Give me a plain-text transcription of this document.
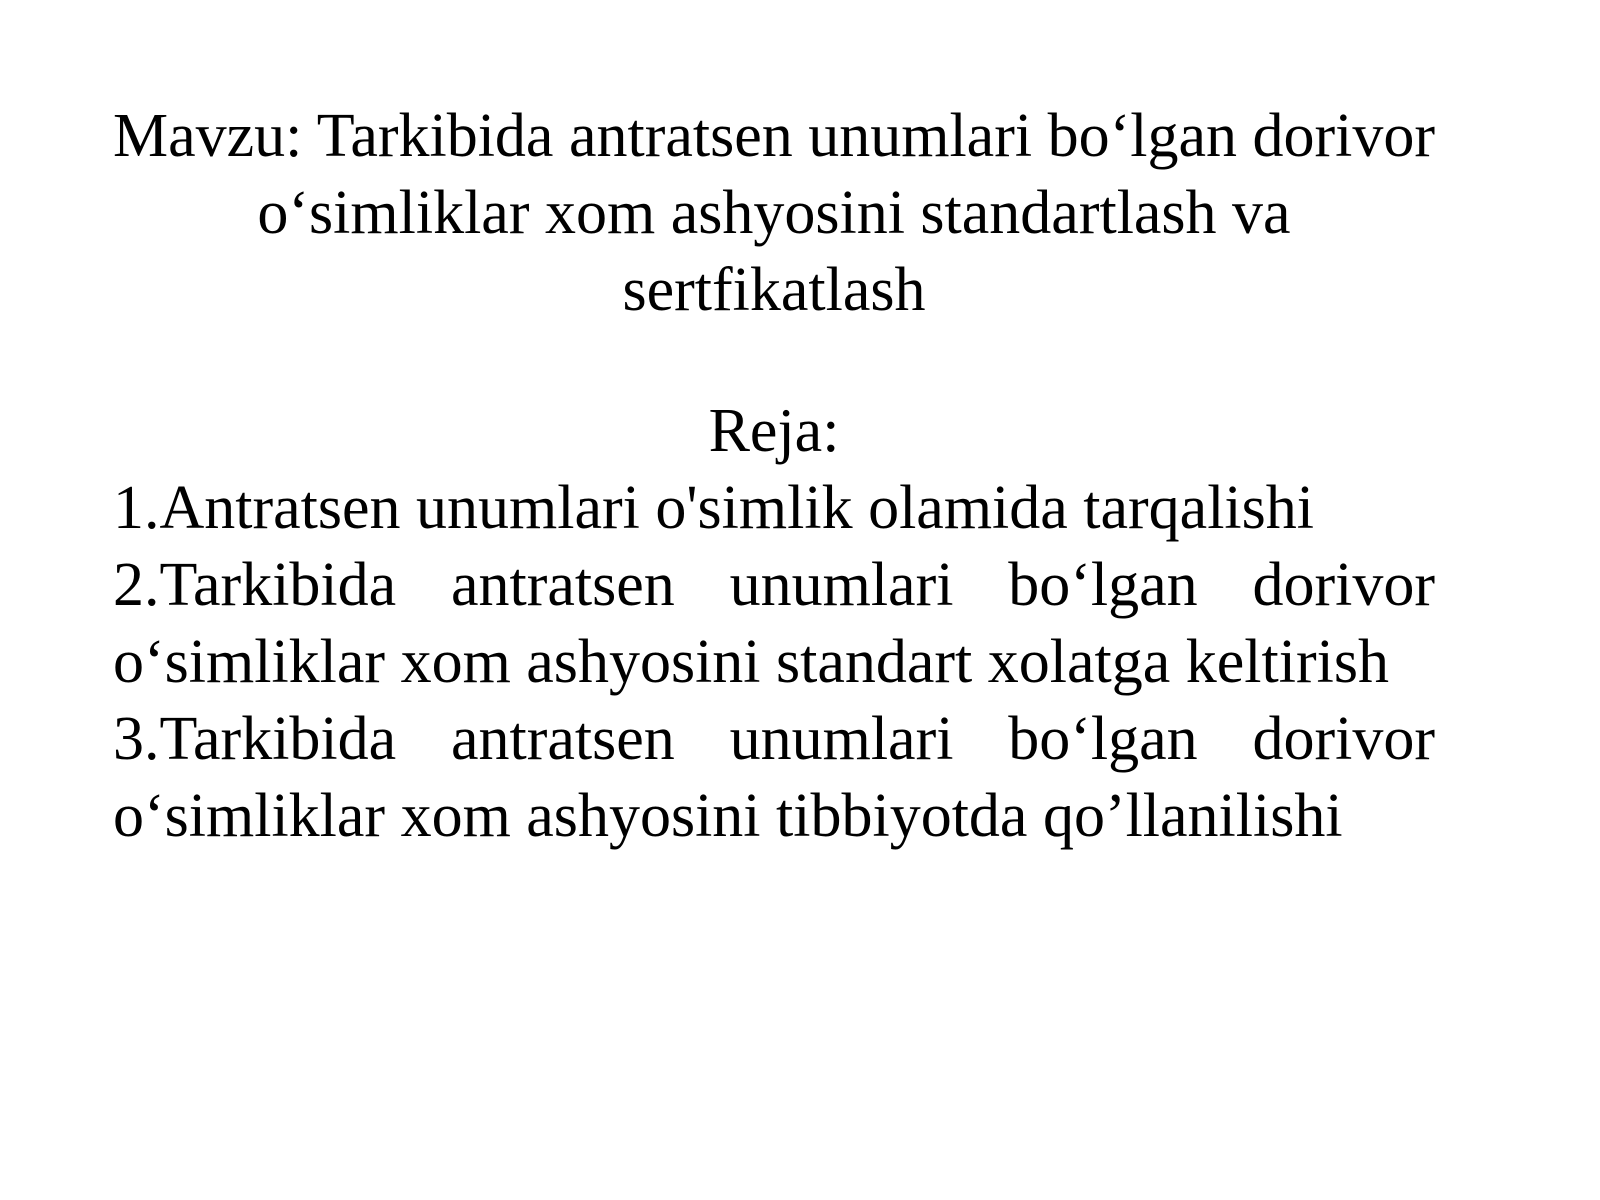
Mavzu: Tarkibida antratsen unumlari bo‘lgan dorivor
o‘simliklar xom ashyosini standartlash va
sertfikatlash
Reja:
1.Antratsen unumlari o'simlik olamida tarqalishi
2.Tarkibida antratsen unumlari bo‘lgan dorivor
o‘simliklar xom ashyosini standart xolatga keltirish
3.Tarkibida antratsen unumlari bo‘lgan dorivor
o‘simliklar xom ashyosini tibbiyotda qo’llanilishi
